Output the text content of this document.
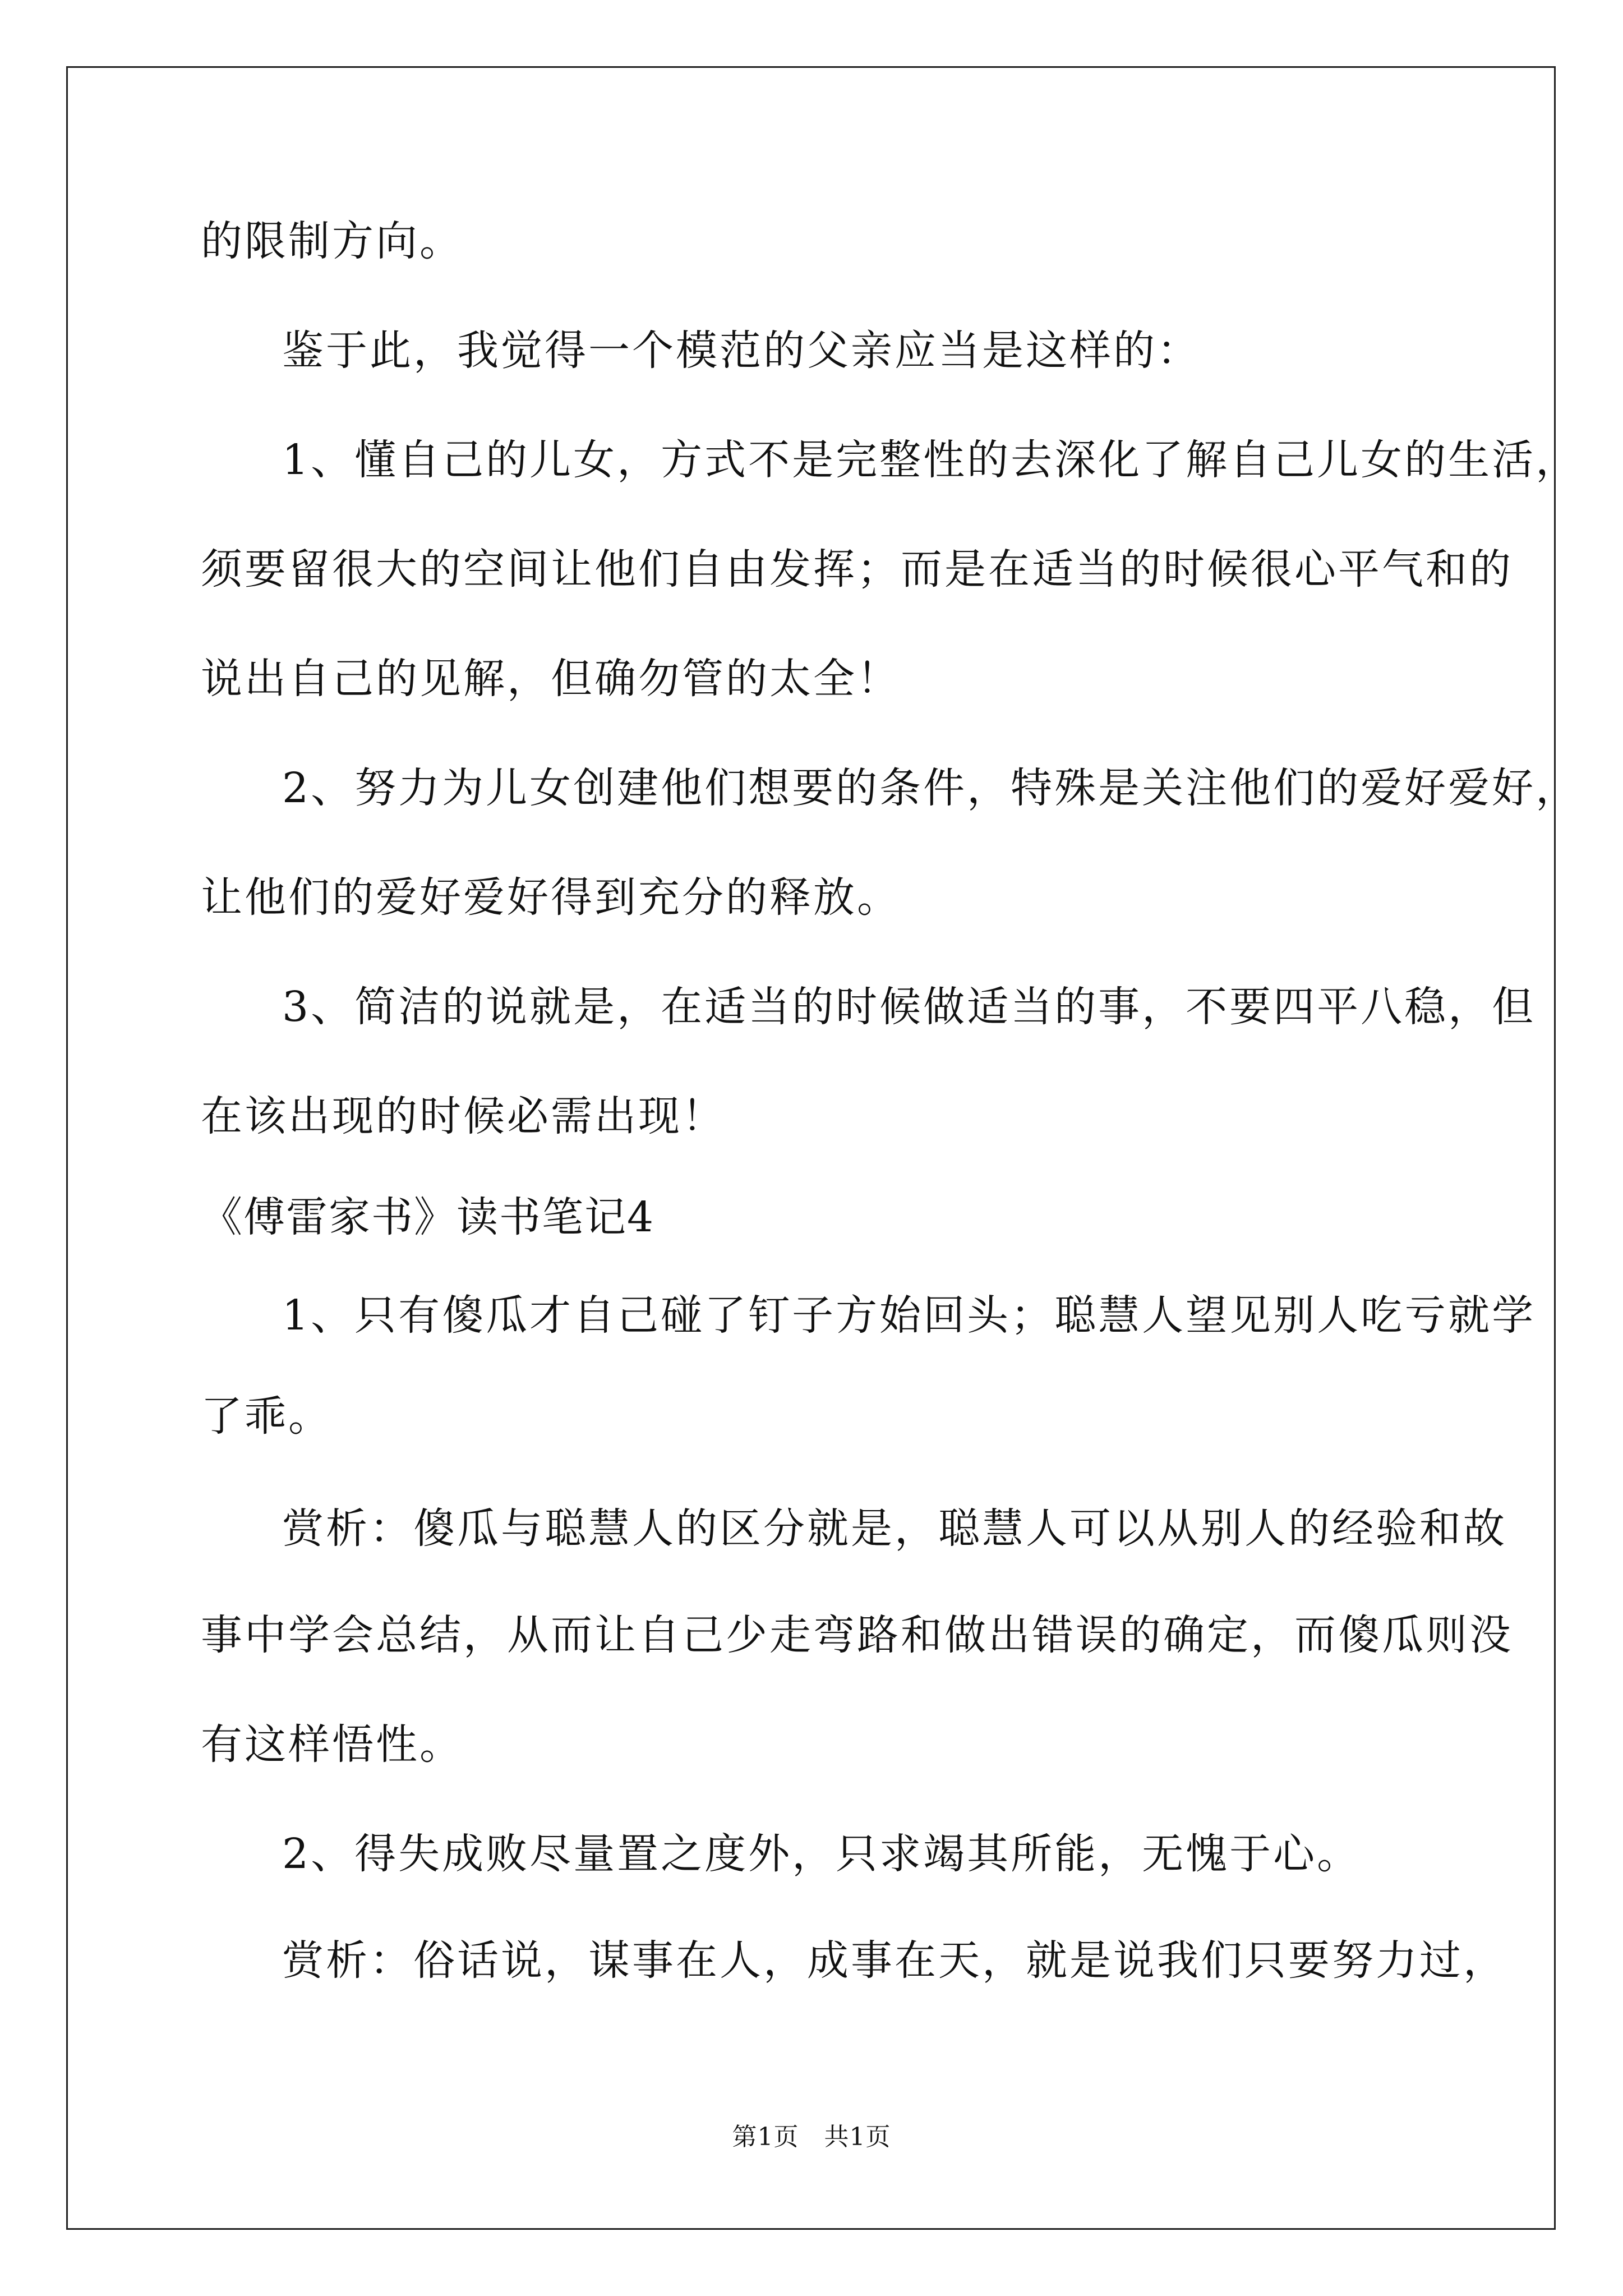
的限制方向。
鉴于此，我觉得一个模范的父亲应当是这样的：
1、懂自己的儿女，方式不是完整性的去深化了解自己儿女的生活，
须要留很大的空间让他们自由发挥；而是在适当的时候很心平气和的
说出自己的见解，但确勿管的太全！
2、努力为儿女创建他们想要的条件，特殊是关注他们的爱好爱好，
让他们的爱好爱好得到充分的释放。
3、简洁的说就是，在适当的时候做适当的事，不要四平八稳，但
在该出现的时候必需出现！
《傅雷家书》读书笔记4
1、只有傻瓜才自己碰了钉子方始回头；聪慧人望见别人吃亏就学
了乖。
赏析：傻瓜与聪慧人的区分就是，聪慧人可以从别人的经验和故
事中学会总结，从而让自己少走弯路和做出错误的确定，而傻瓜则没
有这样悟性。
2、得失成败尽量置之度外，只求竭其所能，无愧于心。
赏析：俗话说，谋事在人，成事在天，就是说我们只要努力过，
第1页　共1页
